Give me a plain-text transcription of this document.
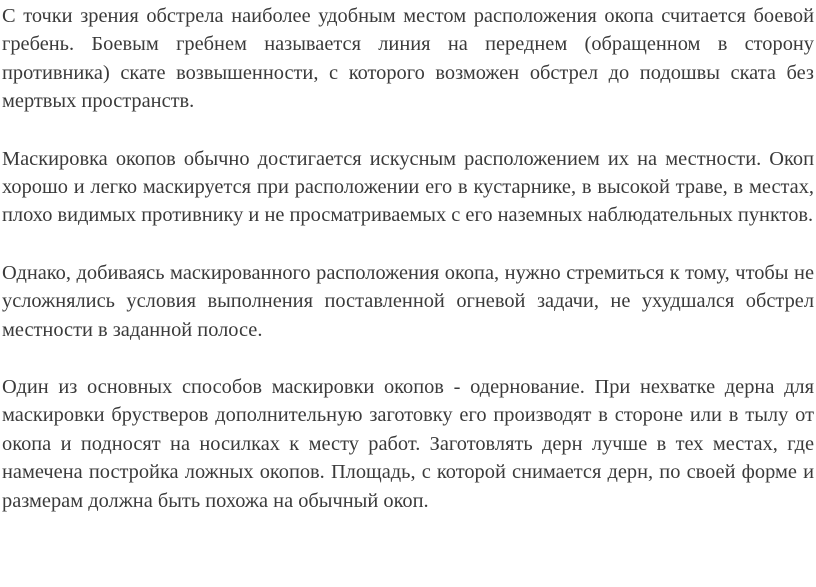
С точки зрения обстрела наиболее удобным местом расположения окопа считается боевой гребень. Боевым гребнем называется линия на переднем (обращенном в сторону противника) скате возвышенности, с которого возможен обстрел до подошвы ската без мертвых пространств.

Маскировка окопов обычно достигается искусным расположением их на местности. Окоп хорошо и легко маскируется при расположении его в кустарнике, в высокой траве, в местах, плохо видимых противнику и не просматриваемых с его наземных наблюдательных пунктов.

Однако, добиваясь маскированного расположения окопа, нужно стремиться к тому, чтобы не усложнялись условия выполнения поставленной огневой задачи, не ухудшался обстрел местности в заданной полосе.

Один из основных способов маскировки окопов - одернование. При нехватке дерна для маскировки брустверов дополнительную заготовку его производят в стороне или в тылу от окопа и подносят на носилках к месту работ. Заготовлять дерн лучше в тех местах, где намечена постройка ложных окопов. Площадь, с которой снимается дерн, по своей форме и размерам должна быть похожа на обычный окоп.
